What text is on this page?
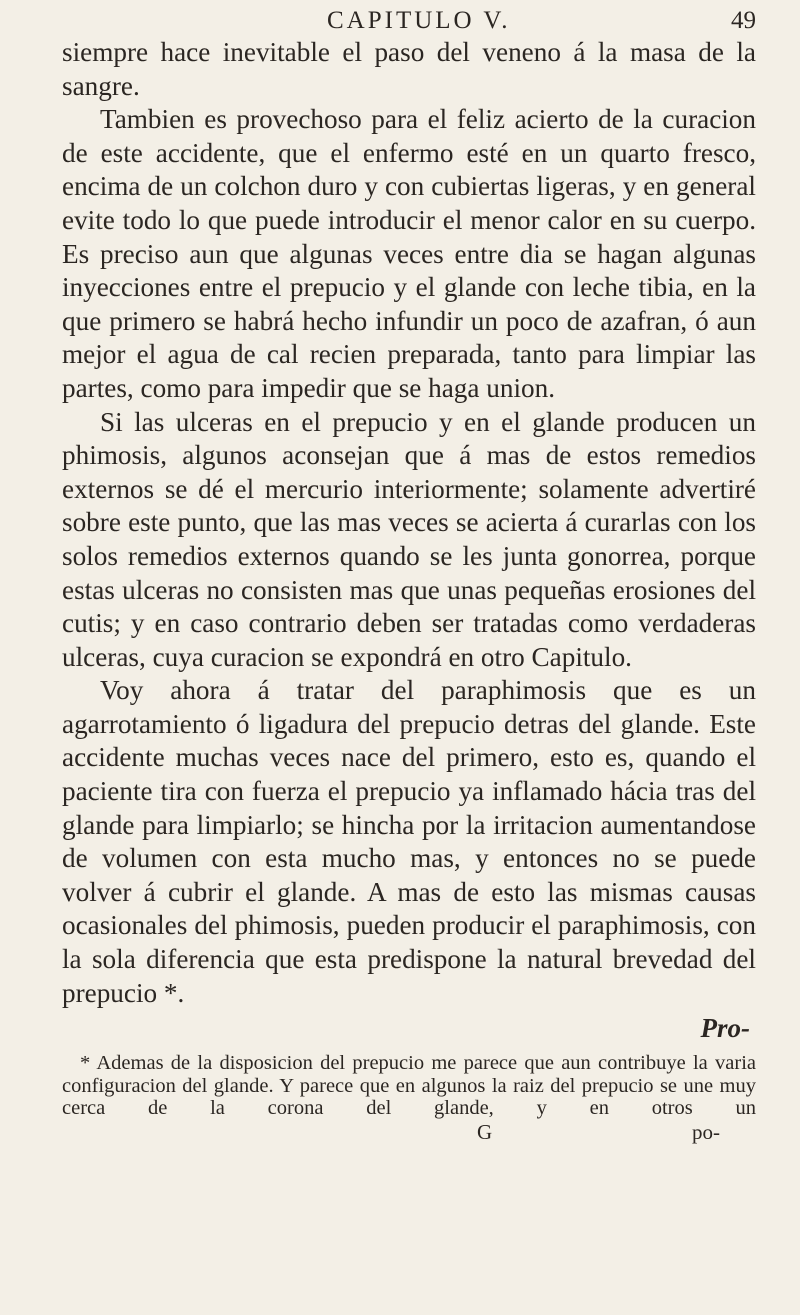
CAPITULO V.	49

siempre hace inevitable el paso del veneno á la masa de la sangre.

Tambien es provechoso para el feliz acierto de la curacion de este accidente, que el enfermo esté en un quarto fresco, encima de un colchon duro y con cubiertas ligeras, y en general evite todo lo que puede introducir el menor calor en su cuerpo. Es preciso aun que algunas veces entre dia se hagan algunas inyecciones entre el prepucio y el glande con leche tibia, en la que primero se habrá hecho infundir un poco de azafran, ó aun mejor el agua de cal recien preparada, tanto para limpiar las partes, como para impedir que se haga union.

Si las ulceras en el prepucio y en el glande producen un phimosis, algunos aconsejan que á mas de estos remedios externos se dé el mercurio interiormente; solamente advertiré sobre este punto, que las mas veces se acierta á curarlas con los solos remedios externos quando se les junta gonorrea, porque estas ulceras no consisten mas que unas pequeñas erosiones del cutis; y en caso contrario deben ser tratadas como verdaderas ulceras, cuya curacion se expondrá en otro Capitulo.

Voy ahora á tratar del paraphimosis que es un agarrotamiento ó ligadura del prepucio detras del glande. Este accidente muchas veces nace del primero, esto es, quando el paciente tira con fuerza el prepucio ya inflamado hácia tras del glande para limpiarlo; se hincha por la irritacion aumentandose de volumen con esta mucho mas, y entonces no se puede volver á cubrir el glande. A mas de esto las mismas causas ocasionales del phimosis, pueden producir el paraphimosis, con la sola diferencia que esta predispone la natural brevedad del prepucio *.

Pro-
* Ademas de la disposicion del prepucio me parece que aun contribuye la varia configuracion del glande. Y parece que en algunos la raiz del prepucio se une muy cerca de la corona del glande, y en otros un
G	po-
